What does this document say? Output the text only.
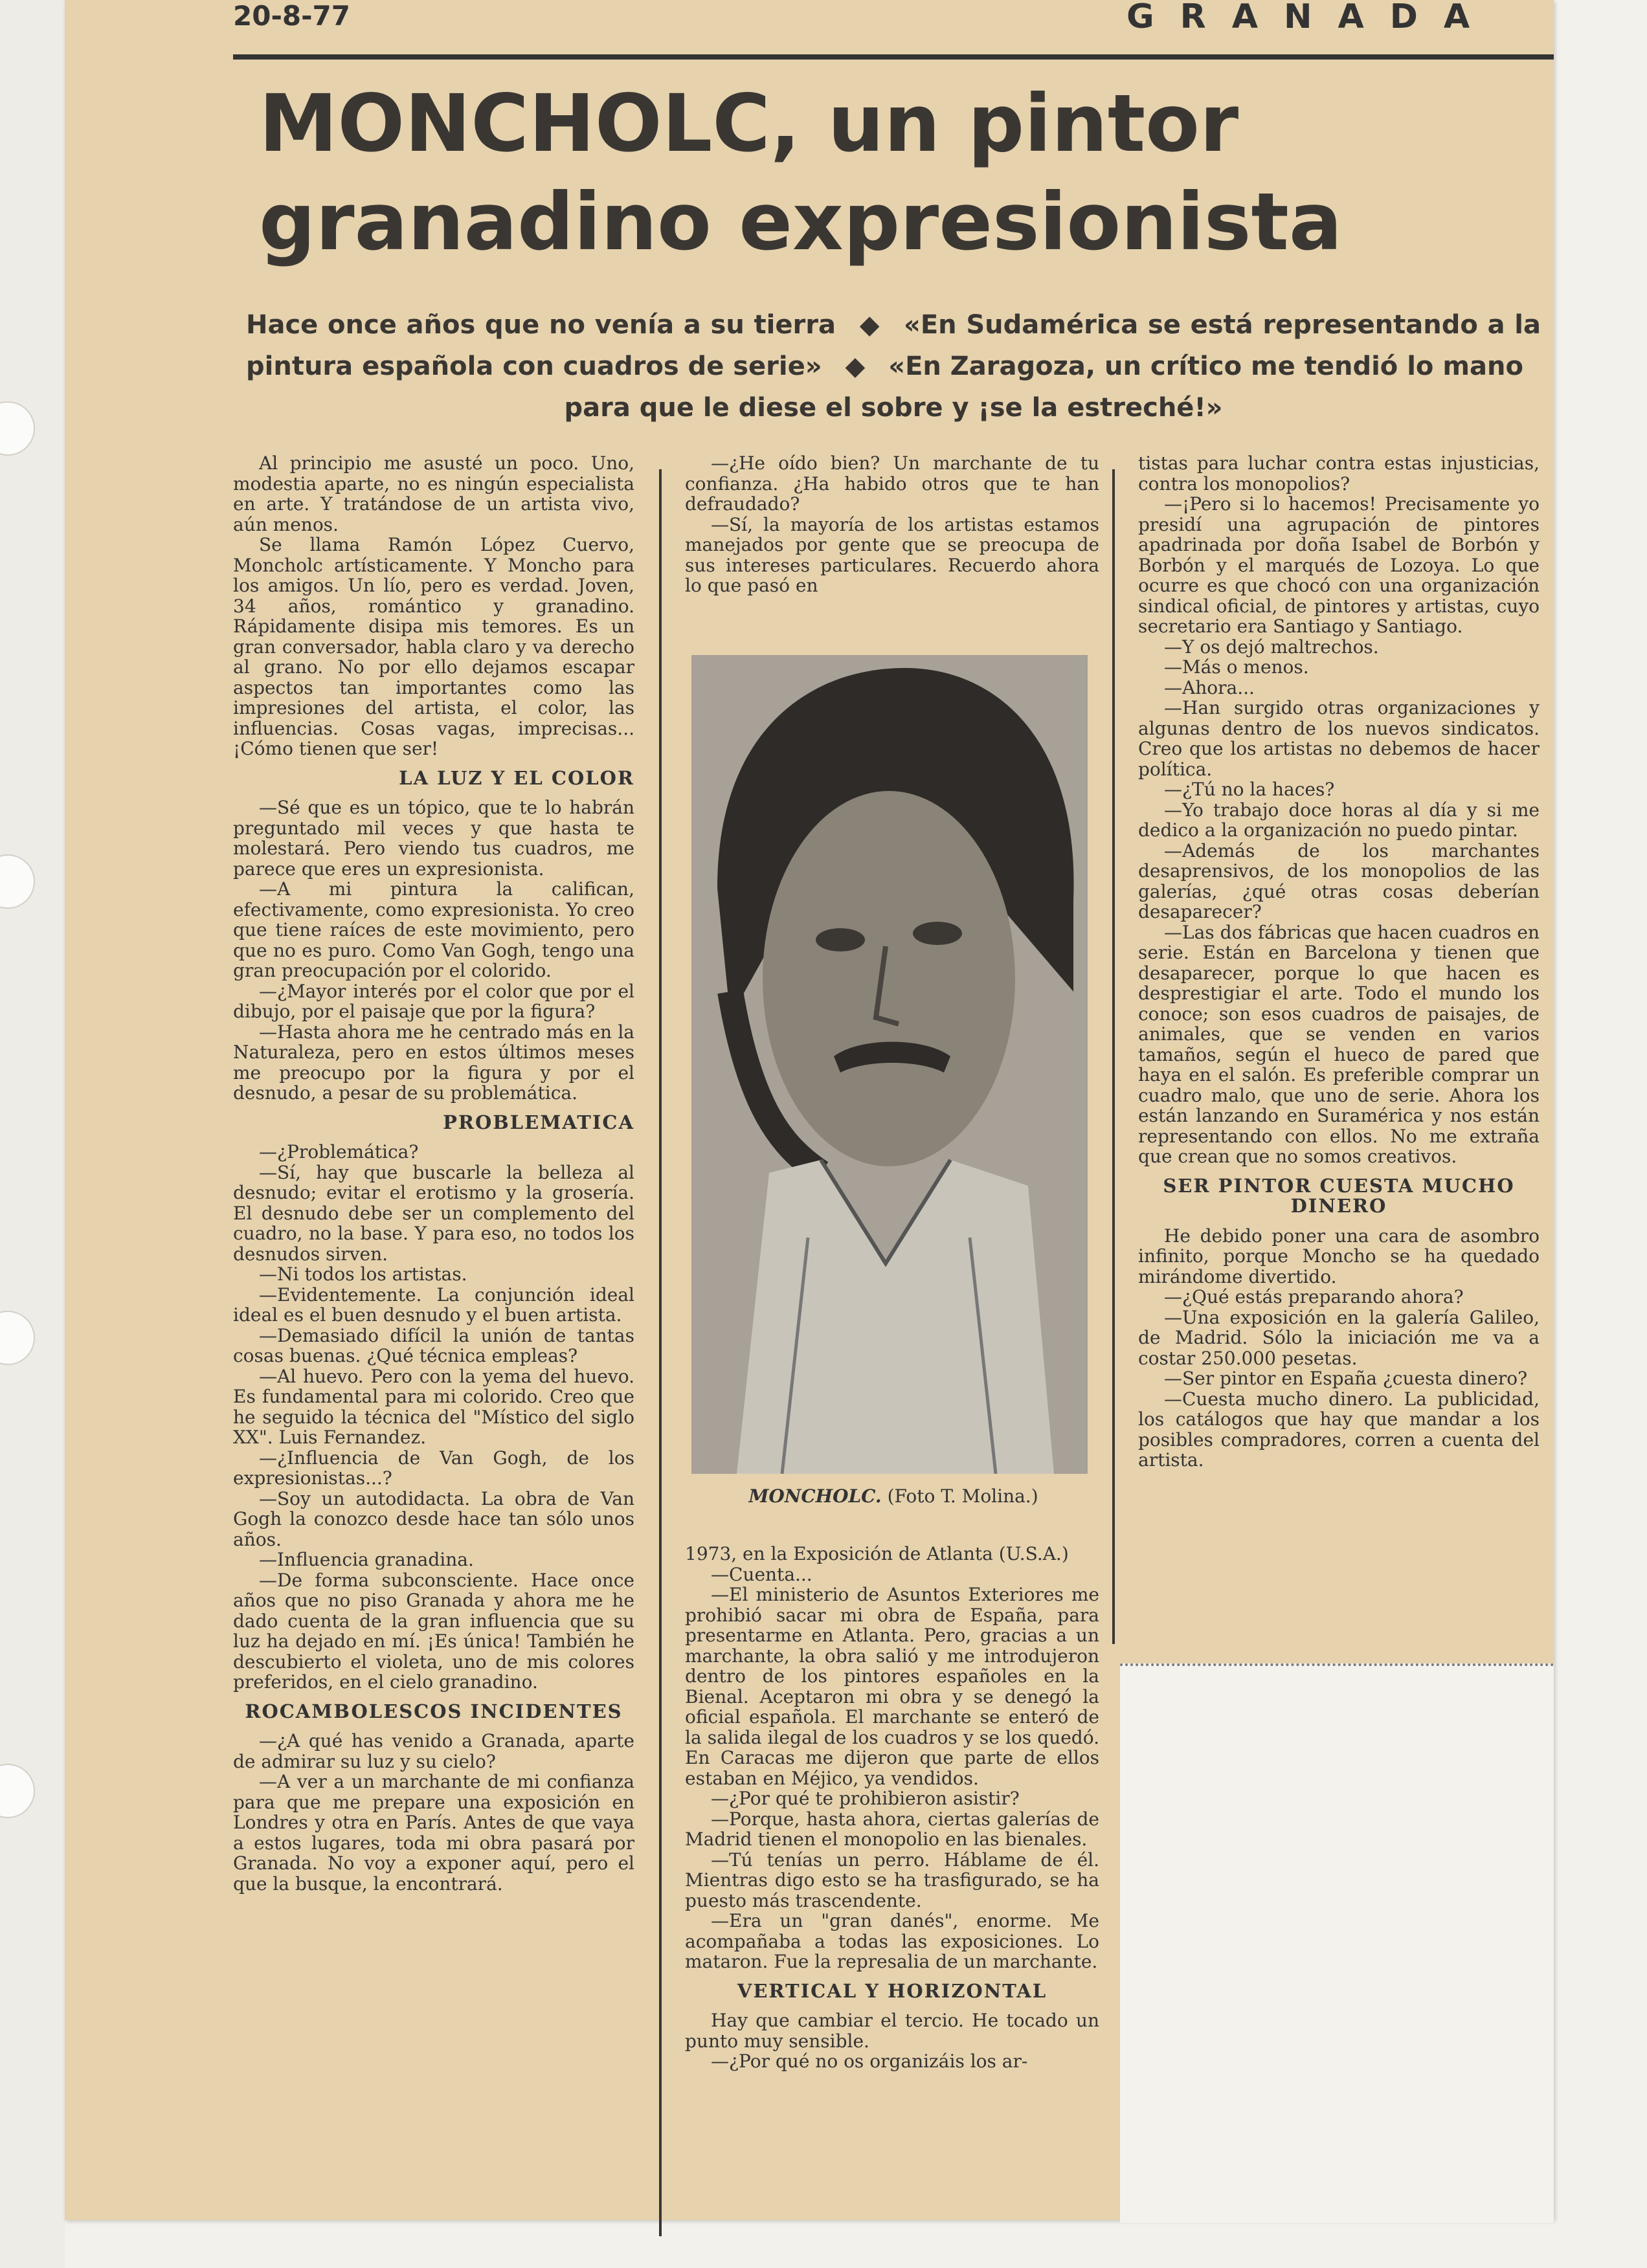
20-8-77	GRANADA
MONCHOLC, un pintor
granadino expresionista
Hace once años que no venía a su tierra ◆ «En Sudamérica se está representando a la pintura española con cuadros de serie» ◆ «En Zaragoza, un crítico me tendió lo mano
para que le diese el sobre y ¡se la estreché!»

Al principio me asusté un poco. Uno, modestia aparte, no es ningún especialista en arte. Y tratándose de un artista vivo, aún menos.

Se llama Ramón López Cuervo, Moncholc artísticamente. Y Moncho para los amigos. Un lío, pero es verdad. Joven, 34 años, romántico y granadino. Rápidamente disipa mis temores. Es un gran conversador, habla claro y va derecho al grano. No por ello dejamos escapar aspectos tan importantes como las impresiones del artista, el color, las influencias. Cosas vagas, imprecisas... ¡Cómo tienen que ser!

LA LUZ Y EL COLOR

—Sé que es un tópico, que te lo habrán preguntado mil veces y que hasta te molestará. Pero viendo tus cuadros, me parece que eres un expresionista.

—A mi pintura la califican, efectivamente, como expresionista. Yo creo que tiene raíces de este movimiento, pero que no es puro. Como Van Gogh, tengo una gran preocupación por el colorido.

—¿Mayor interés por el color que por el dibujo, por el paisaje que por la figura?

—Hasta ahora me he centrado más en la Naturaleza, pero en estos últimos meses me preocupo por la figura y por el desnudo, a pesar de su problemática.

PROBLEMATICA

—¿Problemática?

—Sí, hay que buscarle la belleza al desnudo; evitar el erotismo y la grosería. El desnudo debe ser un complemento del cuadro, no la base. Y para eso, no todos los desnudos sirven.

—Ni todos los artistas.

—Evidentemente. La conjunción ideal ideal es el buen desnudo y el buen artista.

—Demasiado difícil la unión de tantas cosas buenas. ¿Qué técnica empleas?

—Al huevo. Pero con la yema del huevo. Es fundamental para mi colorido. Creo que he seguido la técnica del "Místico del siglo XX". Luis Fernandez.

—¿Influencia de Van Gogh, de los expresionistas...?

—Soy un autodidacta. La obra de Van Gogh la conozco desde hace tan sólo unos años.

—Influencia granadina.

—De forma subconsciente. Hace once años que no piso Granada y ahora me he dado cuenta de la gran influencia que su luz ha dejado en mí. ¡Es única! También he descubierto el violeta, uno de mis colores preferidos, en el cielo granadino.

ROCAMBOLESCOS INCIDENTES

—¿A qué has venido a Granada, aparte de admirar su luz y su cielo?

—A ver a un marchante de mi confianza para que me prepare una exposición en Londres y otra en París. Antes de que vaya a estos lugares, toda mi obra pasará por Granada. No voy a exponer aquí, pero el que la busque, la encontrará.

—¿He oído bien? Un marchante de tu confianza. ¿Ha habido otros que te han defraudado?

—Sí, la mayoría de los artistas estamos manejados por gente que se preocupa de sus intereses particulares. Recuerdo ahora lo que pasó en

MONCHOLC. (Foto T. Molina.)

1973, en la Exposición de Atlanta (U.S.A.)

—Cuenta...

—El ministerio de Asuntos Exteriores me prohibió sacar mi obra de España, para presentarme en Atlanta. Pero, gracias a un marchante, la obra salió y me introdujeron dentro de los pintores españoles en la Bienal. Aceptaron mi obra y se denegó la oficial española. El marchante se enteró de la salida ilegal de los cuadros y se los quedó. En Caracas me dijeron que parte de ellos estaban en Méjico, ya vendidos.

—¿Por qué te prohibieron asistir?

—Porque, hasta ahora, ciertas galerías de Madrid tienen el monopolio en las bienales.

—Tú tenías un perro. Háblame de él. Mientras digo esto se ha trasfigurado, se ha puesto más trascendente.

—Era un "gran danés", enorme. Me acompañaba a todas las exposiciones. Lo mataron. Fue la represalia de un marchante.

VERTICAL Y HORIZONTAL

Hay que cambiar el tercio. He tocado un punto muy sensible.

—¿Por qué no os organizáis los ar-

tistas para luchar contra estas injusticias, contra los monopolios?

—¡Pero si lo hacemos! Precisamente yo presidí una agrupación de pintores apadrinada por doña Isabel de Borbón y Borbón y el marqués de Lozoya. Lo que ocurre es que chocó con una organización sindical oficial, de pintores y artistas, cuyo secretario era Santiago y Santiago.

—Y os dejó maltrechos.

—Más o menos.

—Ahora...

—Han surgido otras organizaciones y algunas dentro de los nuevos sindicatos. Creo que los artistas no debemos de hacer política.

—¿Tú no la haces?

—Yo trabajo doce horas al día y si me dedico a la organización no puedo pintar.

—Además de los marchantes desaprensivos, de los monopolios de las galerías, ¿qué otras cosas deberían desaparecer?

—Las dos fábricas que hacen cuadros en serie. Están en Barcelona y tienen que desaparecer, porque lo que hacen es desprestigiar el arte. Todo el mundo los conoce; son esos cuadros de paisajes, de animales, que se venden en varios tamaños, según el hueco de pared que haya en el salón. Es preferible comprar un cuadro malo, que uno de serie. Ahora los están lanzando en Suramérica y nos están representando con ellos. No me extraña que crean que no somos creativos.

SER PINTOR CUESTA MUCHO DINERO

He debido poner una cara de asombro infinito, porque Moncho se ha quedado mirándome divertido.

—¿Qué estás preparando ahora?

—Una exposición en la galería Galileo, de Madrid. Sólo la iniciación me va a costar 250.000 pesetas.

—Ser pintor en España ¿cuesta dinero?

—Cuesta mucho dinero. La publicidad, los catálogos que hay que mandar a los posibles compradores, corren a cuenta del artista.
